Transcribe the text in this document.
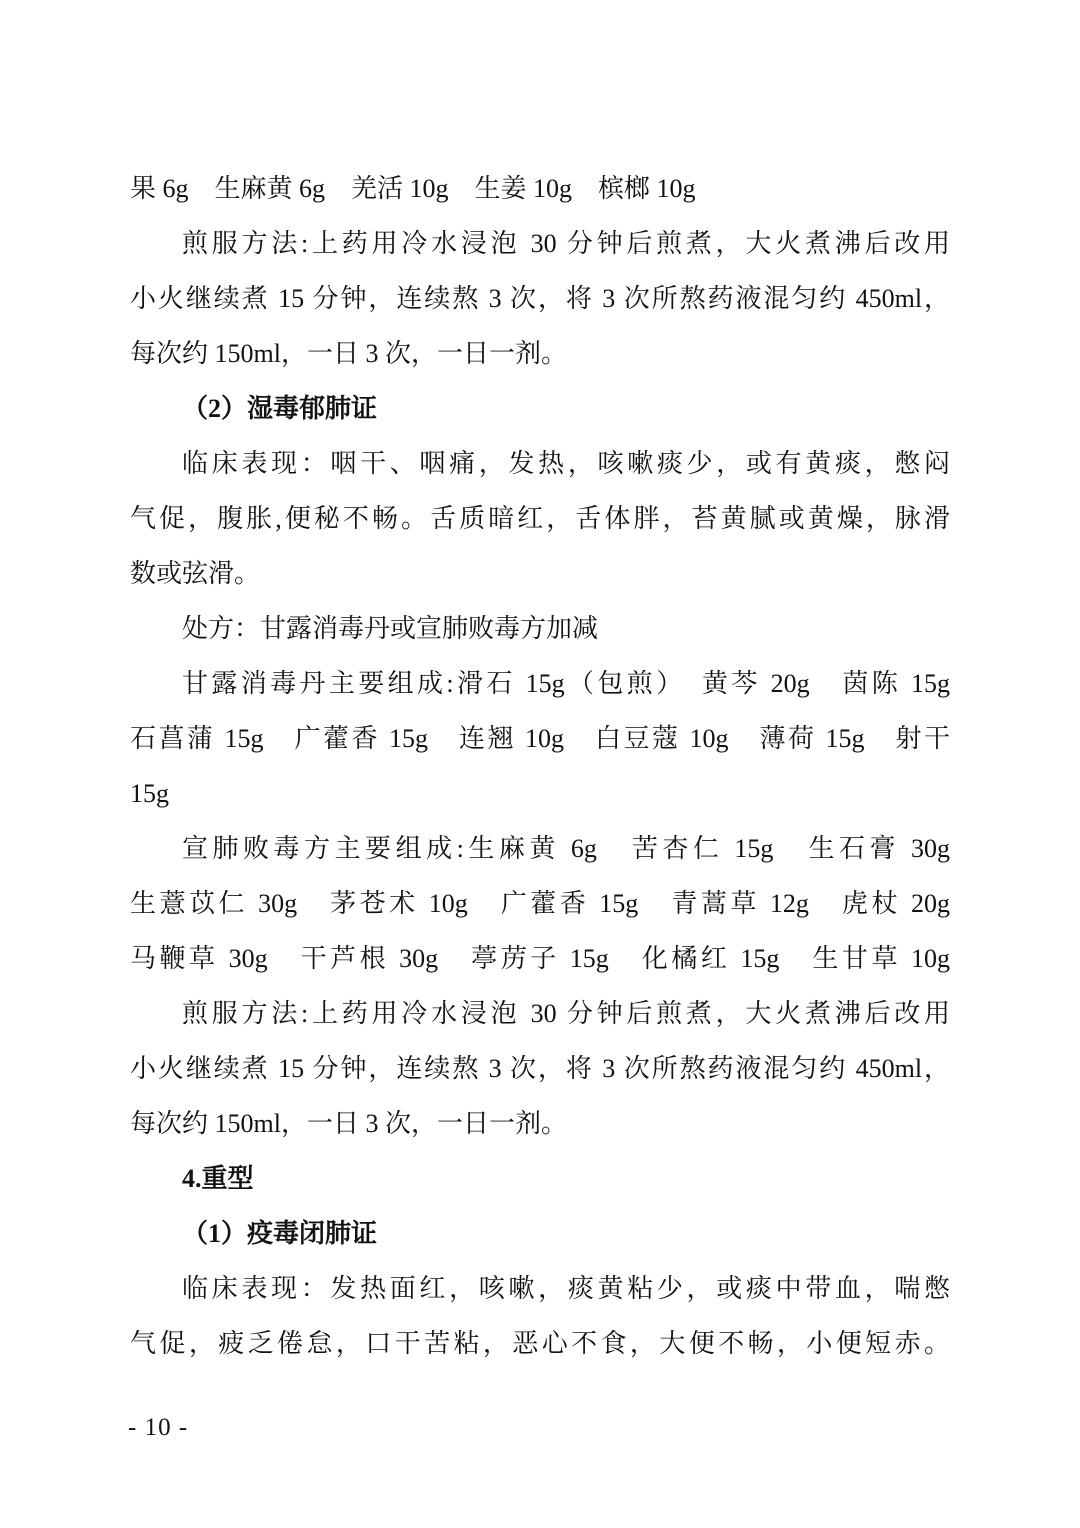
果 6g　生麻黄 6g　羌活 10g　生姜 10g　槟榔 10g
煎服方法:上药用冷水浸泡 30 分钟后煎煮，大火煮沸后改用
小火继续煮 15 分钟，连续熬 3 次，将 3 次所熬药液混匀约 450ml，
每次约 150ml，一日 3 次，一日一剂。
（2）湿毒郁肺证
临床表现：咽干、咽痛，发热，咳嗽痰少，或有黄痰，憋闷
气促，腹胀,便秘不畅。舌质暗红，舌体胖，苔黄腻或黄燥，脉滑
数或弦滑。
处方：甘露消毒丹或宣肺败毒方加减
甘露消毒丹主要组成:滑石 15g（包煎）　黄芩 20g　茵陈 15g
石菖蒲 15g　广藿香 15g　连翘 10g　白豆蔻 10g　薄荷 15g　射干
15g
宣肺败毒方主要组成:生麻黄 6g　苦杏仁 15g　生石膏 30g
生薏苡仁 30g　茅苍术 10g　广藿香 15g　青蒿草 12g　虎杖 20g
马鞭草 30g　干芦根 30g　葶苈子 15g　化橘红 15g　生甘草 10g
煎服方法:上药用冷水浸泡 30 分钟后煎煮，大火煮沸后改用
小火继续煮 15 分钟，连续熬 3 次，将 3 次所熬药液混匀约 450ml，
每次约 150ml，一日 3 次，一日一剂。
4.重型
（1）疫毒闭肺证
临床表现：发热面红，咳嗽，痰黄粘少，或痰中带血，喘憋
气促，疲乏倦怠，口干苦粘，恶心不食，大便不畅，小便短赤。
- 10 -
